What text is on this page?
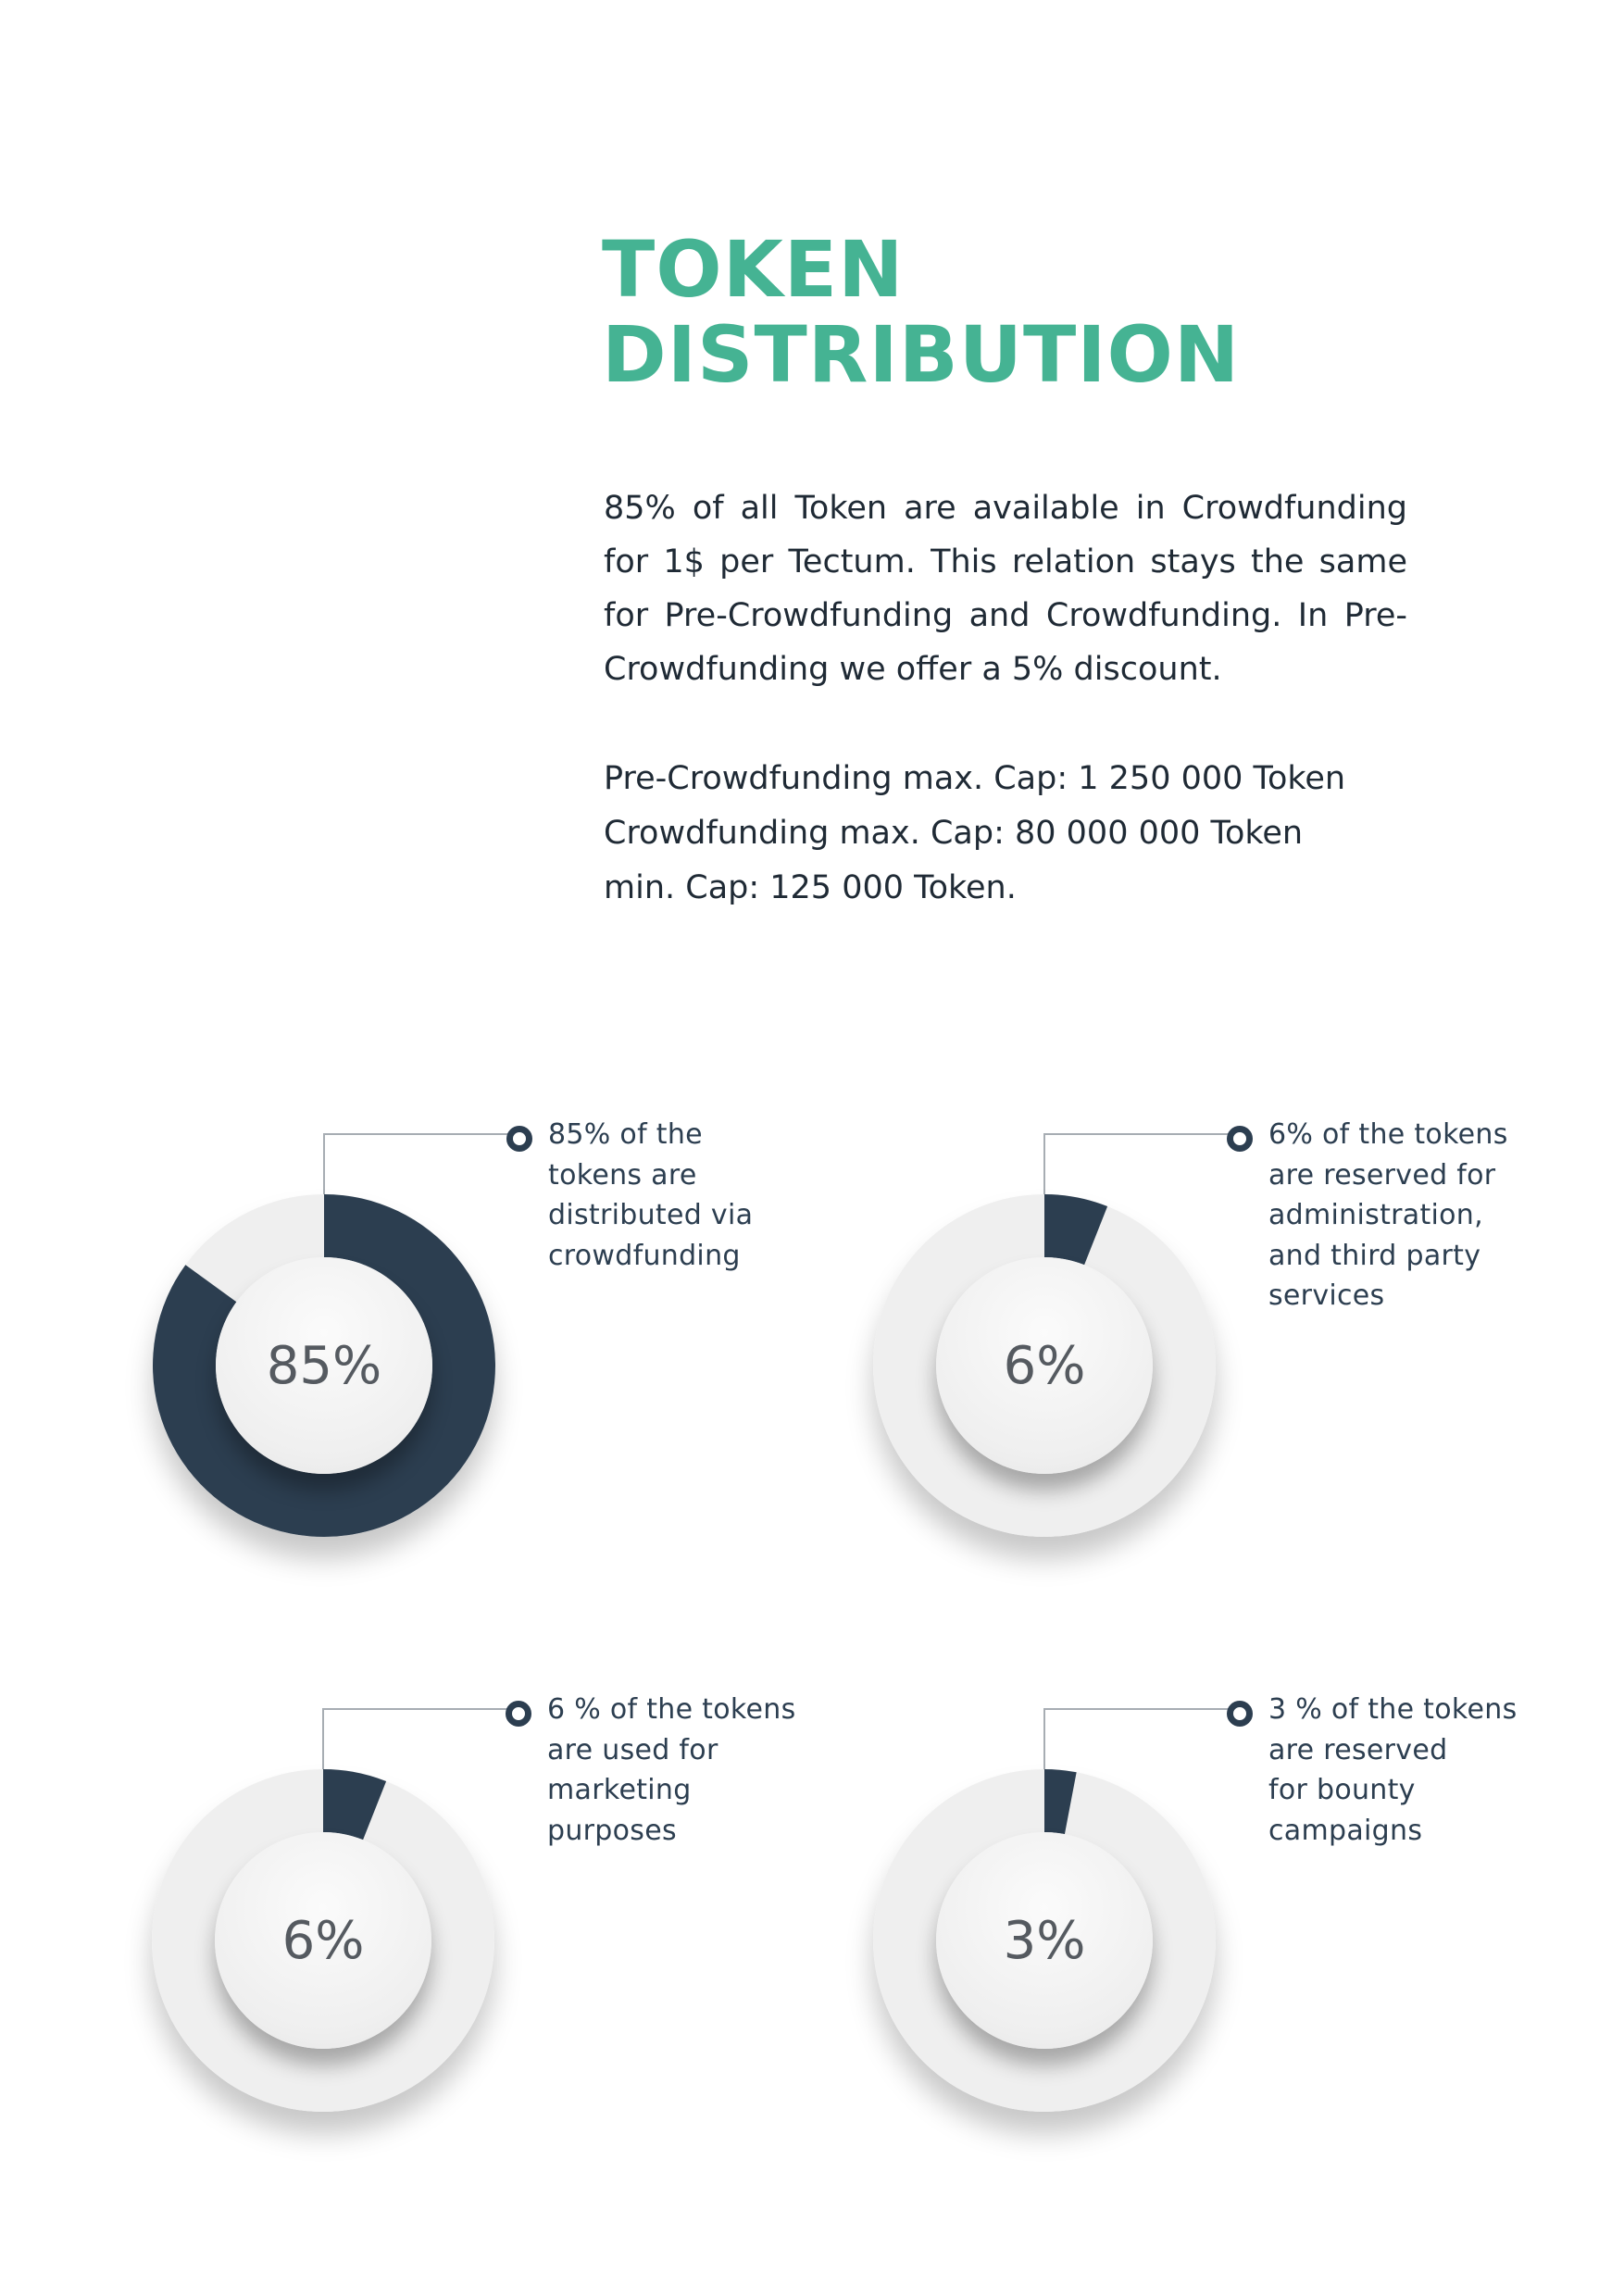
TOKEN
DISTRIBUTION

85% of all Token are available in Crowdfunding for 1$ per Tectum. This relation stays the same for Pre-Crowdfunding and Crowdfunding. In Pre-Crowdfunding we offer a 5% discount.

Pre-Crowdfunding max. Cap: 1 250 000 Token
Crowdfunding max. Cap: 80 000 000 Token
min. Cap: 125 000 Token.
85%

85% of the
tokens are
distributed via
crowdfunding

6%

6% of the tokens
are reserved for
administration,
and third party
services

6%

6 % of the tokens
are used for
marketing
purposes

3%

3 % of the tokens
are reserved
for bounty
campaigns
